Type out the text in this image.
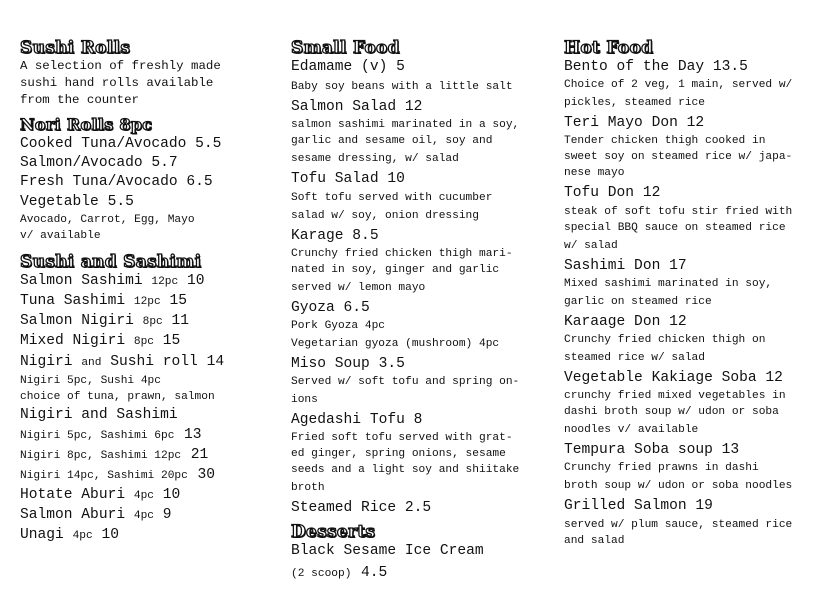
Sushi Rolls
A selection of freshly made
sushi hand rolls available
from the counter
Nori Rolls 8pc
Cooked Tuna/Avocado 5.5
Salmon/Avocado 5.7
Fresh Tuna/Avocado 6.5
Vegetable 5.5
Avocado, Carrot, Egg, Mayo
v/ available
Sushi and Sashimi
Salmon Sashimi 12pc 10
Tuna Sashimi 12pc 15
Salmon Nigiri 8pc 11
Mixed Nigiri 8pc 15
Nigiri and Sushi roll 14
Nigiri 5pc, Sushi 4pc
choice of tuna, prawn, salmon
Nigiri and Sashimi
Nigiri 5pc, Sashimi 6pc 13
Nigiri 8pc, Sashimi 12pc 21
Nigiri 14pc, Sashimi 20pc 30
Hotate Aburi 4pc 10
Salmon Aburi 4pc 9
Unagi 4pc 10
Small Food
Edamame (v) 5
Baby soy beans with a little salt
Salmon Salad 12
salmon sashimi marinated in a soy,
garlic and sesame oil, soy and
sesame dressing, w/ salad
Tofu Salad 10
Soft tofu served with cucumber
salad w/ soy, onion dressing
Karage 8.5
Crunchy fried chicken thigh mari-
nated in soy, ginger and garlic
served w/ lemon mayo
Gyoza 6.5
Pork Gyoza 4pc
Vegetarian gyoza (mushroom) 4pc
Miso Soup 3.5
Served w/ soft tofu and spring on-
ions
Agedashi Tofu 8
Fried soft tofu served with grat-
ed ginger, spring onions, sesame
seeds and a light soy and shiitake
broth
Steamed Rice 2.5
Desserts
Black Sesame Ice Cream
(2 scoop) 4.5
Hot Food
Bento of the Day 13.5
Choice of 2 veg, 1 main, served w/
pickles, steamed rice
Teri Mayo Don 12
Tender chicken thigh cooked in
sweet soy on steamed rice w/ japa-
nese mayo
Tofu Don 12
steak of soft tofu stir fried with
special BBQ sauce on steamed rice
w/ salad
Sashimi Don 17
Mixed sashimi marinated in soy,
garlic on steamed rice
Karaage Don 12
Crunchy fried chicken thigh on
steamed rice w/ salad
Vegetable Kakiage Soba 12
crunchy fried mixed vegetables in
dashi broth soup w/ udon or soba
noodles v/ available
Tempura Soba soup 13
Crunchy fried prawns in dashi
broth soup w/ udon or soba noodles
Grilled Salmon 19
served w/ plum sauce, steamed rice
and salad
